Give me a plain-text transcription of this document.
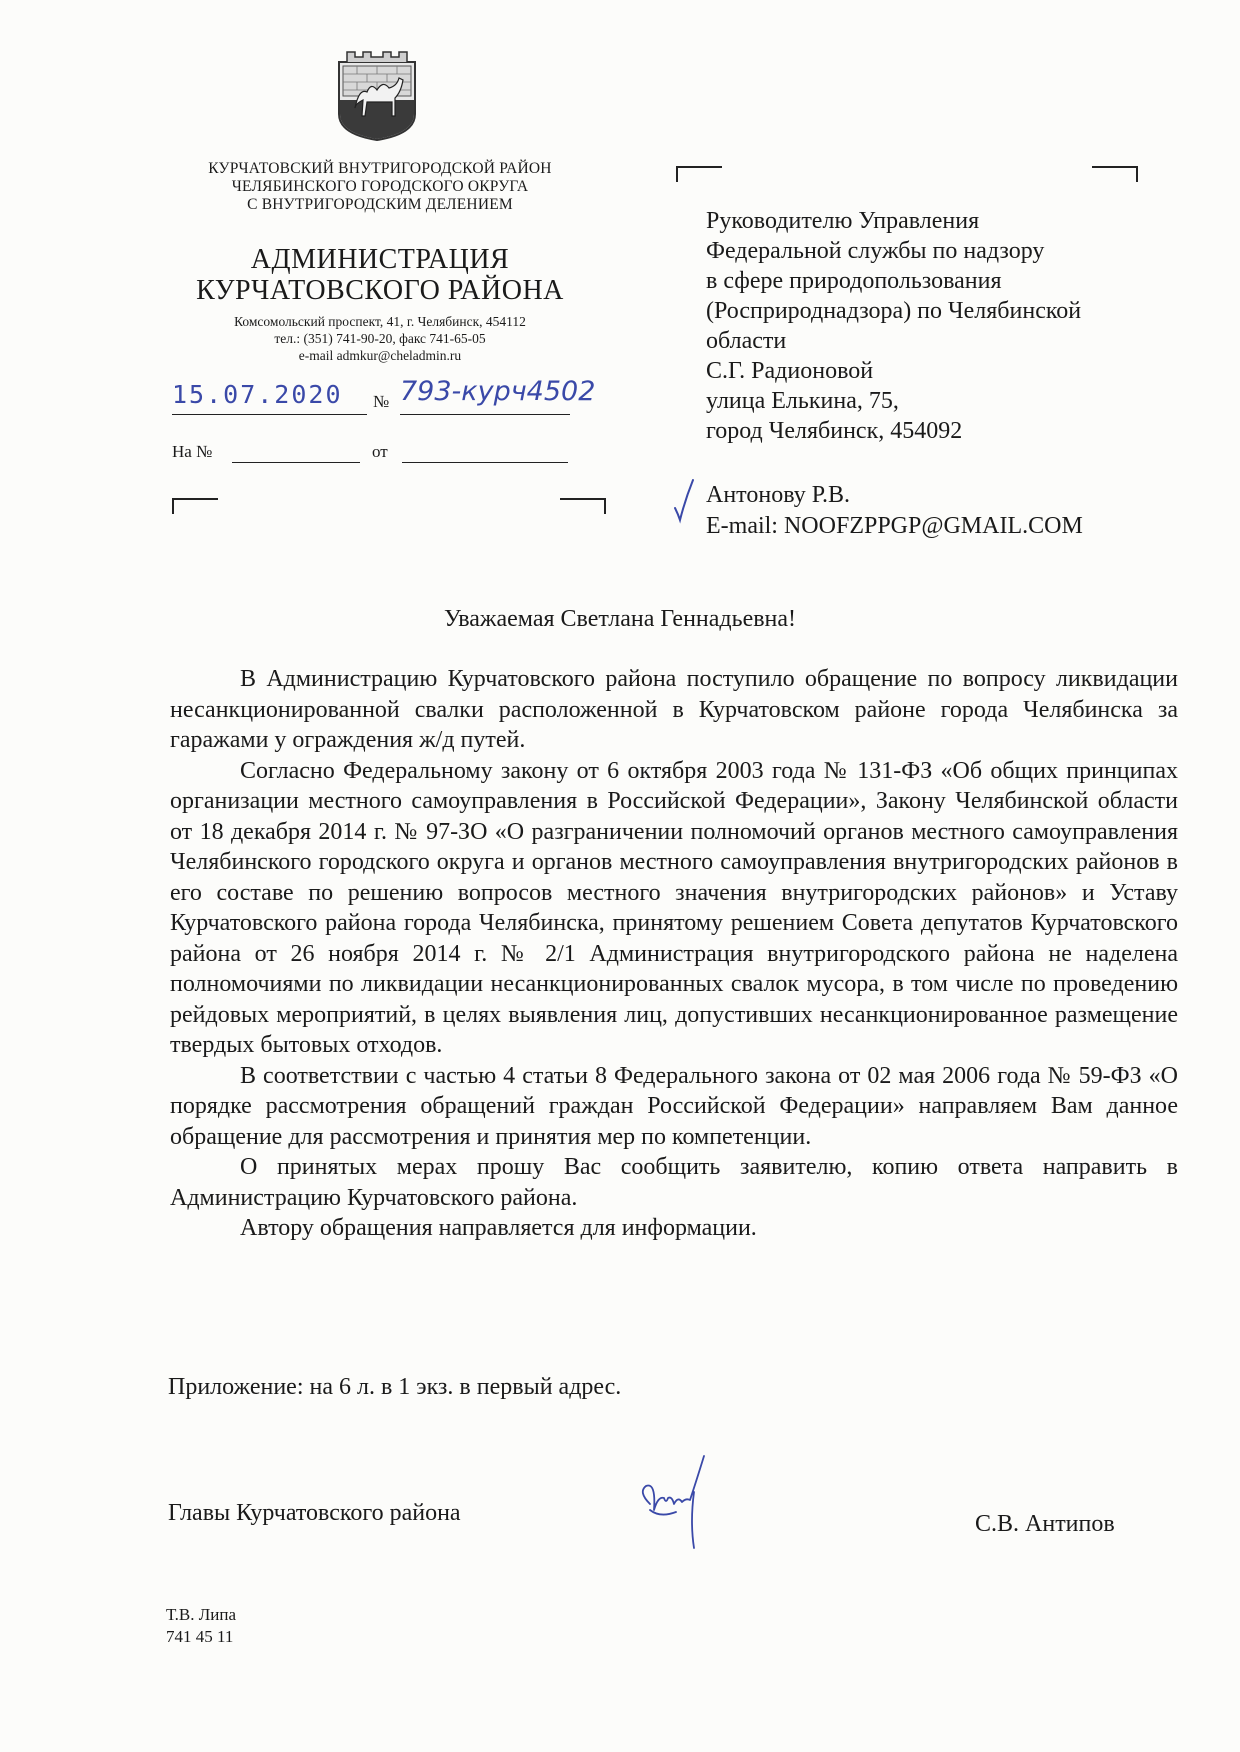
КУРЧАТОВСКИЙ ВНУТРИГОРОДСКОЙ РАЙОН
ЧЕЛЯБИНСКОГО ГОРОДСКОГО ОКРУГА
С ВНУТРИГОРОДСКИМ ДЕЛЕНИЕМ
АДМИНИСТРАЦИЯ
КУРЧАТОВСКОГО РАЙОНА
Комсомольский проспект, 41, г. Челябинск, 454112
тел.: (351) 741-90-20, факс 741-65-05
e-mail admkur@cheladmin.ru
15.07.2020 № 793-курч4502
На №	от
Руководителю Управления
Федеральной службы по надзору
в сфере природопользования
(Росприроднадзора) по Челябинской
области
С.Г. Радионовой
улица Елькина, 75,
город Челябинск, 454092
Антонову Р.В.
E-mail: NOOFZPPGP@GMAIL.COM
Уважаемая Светлана Геннадьевна!

В Администрацию Курчатовского района поступило обращение по вопросу ликвидации несанкционированной свалки расположенной в Курчатовском районе города Челябинска за гаражами у ограждения ж/д путей.

Согласно Федеральному закону от 6 октября 2003 года № 131-ФЗ «Об общих принципах организации местного самоуправления в Российской Федерации», Закону Челябинской области от 18 декабря 2014 г. № 97-ЗО «О разграничении полномочий органов местного самоуправления Челябинского городского округа и органов местного самоуправления внутригородских районов в его составе по решению вопросов местного значения внутригородских районов» и Уставу Курчатовского района города Челябинска, принятому решением Совета депутатов Курчатовского района от 26 ноября 2014 г. № 2/1 Администрация внутригородского района не наделена полномочиями по ликвидации несанкционированных свалок мусора, в том числе по проведению рейдовых мероприятий, в целях выявления лиц, допустивших несанкционированное размещение твердых бытовых отходов.

В соответствии с частью 4 статьи 8 Федерального закона от 02 мая 2006 года № 59-ФЗ «О порядке рассмотрения обращений граждан Российской Федерации» направляем Вам данное обращение для рассмотрения и принятия мер по компетенции.

О принятых мерах прошу Вас сообщить заявителю, копию ответа направить в Администрацию Курчатовского района.

Автору обращения направляется для информации.

Приложение: на 6 л. в 1 экз. в первый адрес.
Главы Курчатовского района	С.В. Антипов
Т.В. Липа
741 45 11
